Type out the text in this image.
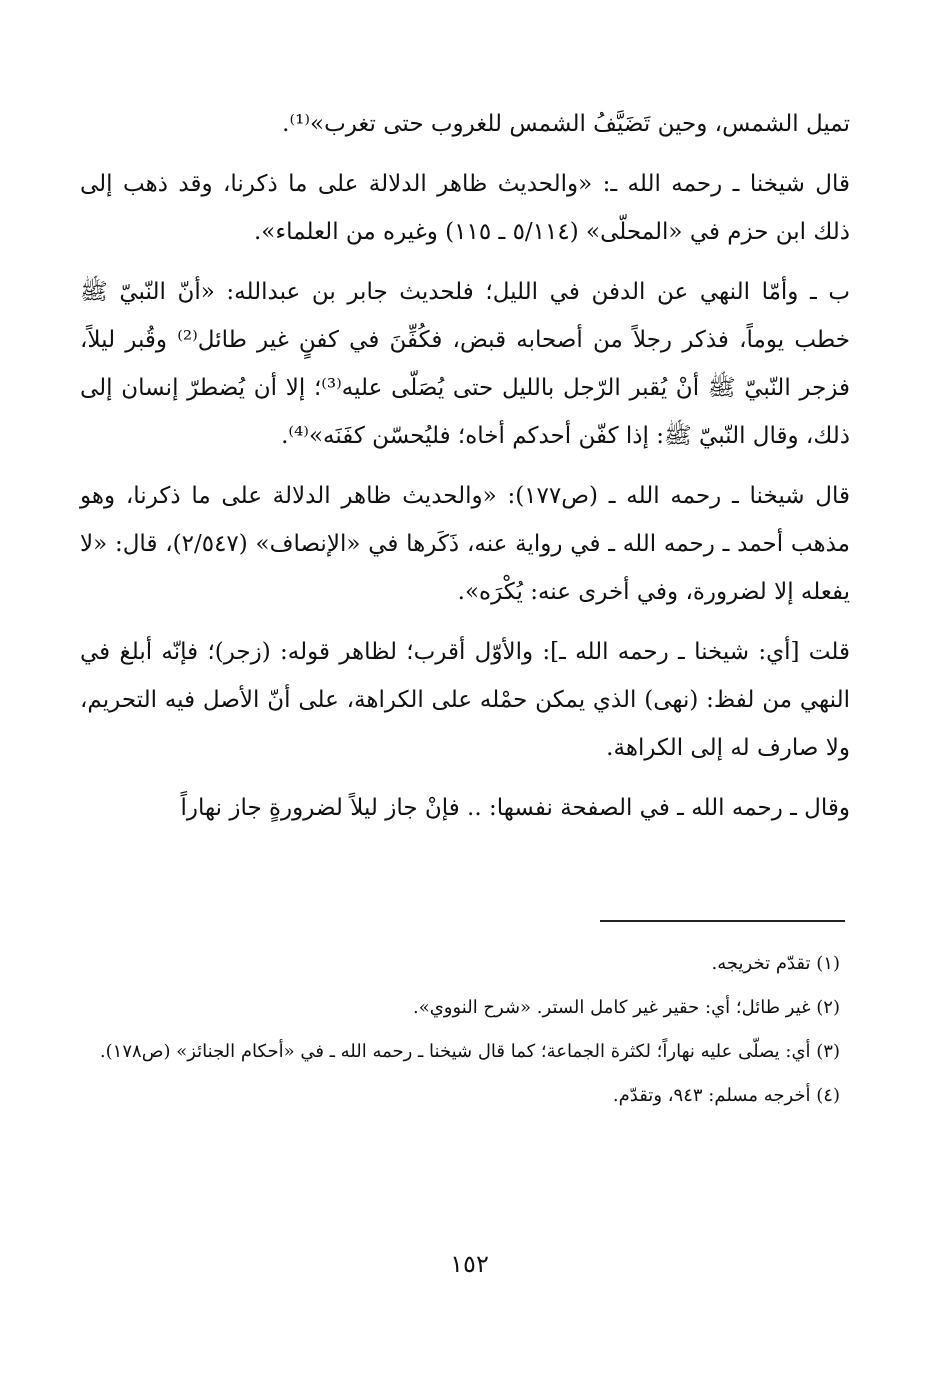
تميل الشمس، وحين تَضَيَّفُ الشمس للغروب حتى تغرب»⁽¹⁾.

قال شيخنا ـ رحمه الله ـ: «والحديث ظاهر الدلالة على ما ذكرنا، وقد ذهب إلى ذلك ابن حزم في «المحلّى» (٥/١١٤ ـ ١١٥) وغيره من العلماء».

ب ـ وأمّا النهي عن الدفن في الليل؛ فلحديث جابر بن عبدالله: «أنّ النّبيّ ﷺ خطب يوماً، فذكر رجلاً من أصحابه قبض، فكُفِّنَ في كفنٍ غير طائل⁽²⁾ وقُبر ليلاً، فزجر النّبيّ ﷺ أنْ يُقبر الرّجل بالليل حتى يُصَلّى عليه⁽³⁾؛ إلا أن يُضطرّ إنسان إلى ذلك، وقال النّبيّ ﷺ: إذا كفّن أحدكم أخاه؛ فليُحسّن كفَنَه»⁽⁴⁾.

قال شيخنا ـ رحمه الله ـ (ص١٧٧): «والحديث ظاهر الدلالة على ما ذكرنا، وهو مذهب أحمد ـ رحمه الله ـ في رواية عنه، ذَكَرها في «الإنصاف» (٢/٥٤٧)، قال: «لا يفعله إلا لضرورة، وفي أخرى عنه: يُكْرَه».

قلت [أي: شيخنا ـ رحمه الله ـ]: والأوّل أقرب؛ لظاهر قوله: (زجر)؛ فإنّه أبلغ في النهي من لفظ: (نهى) الذي يمكن حمْله على الكراهة، على أنّ الأصل فيه التحريم، ولا صارف له إلى الكراهة.

وقال ـ رحمه الله ـ في الصفحة نفسها: .. فإنْ جاز ليلاً لضرورةٍ جاز نهاراً

(١) تقدّم تخريجه.

(٢) غير طائل؛ أي: حقير غير كامل الستر. «شرح النووي».

(٣) أي: يصلّى عليه نهاراً؛ لكثرة الجماعة؛ كما قال شيخنا ـ رحمه الله ـ في «أحكام الجنائز» (ص١٧٨).

(٤) أخرجه مسلم: ٩٤٣، وتقدّم.

١٥٢
